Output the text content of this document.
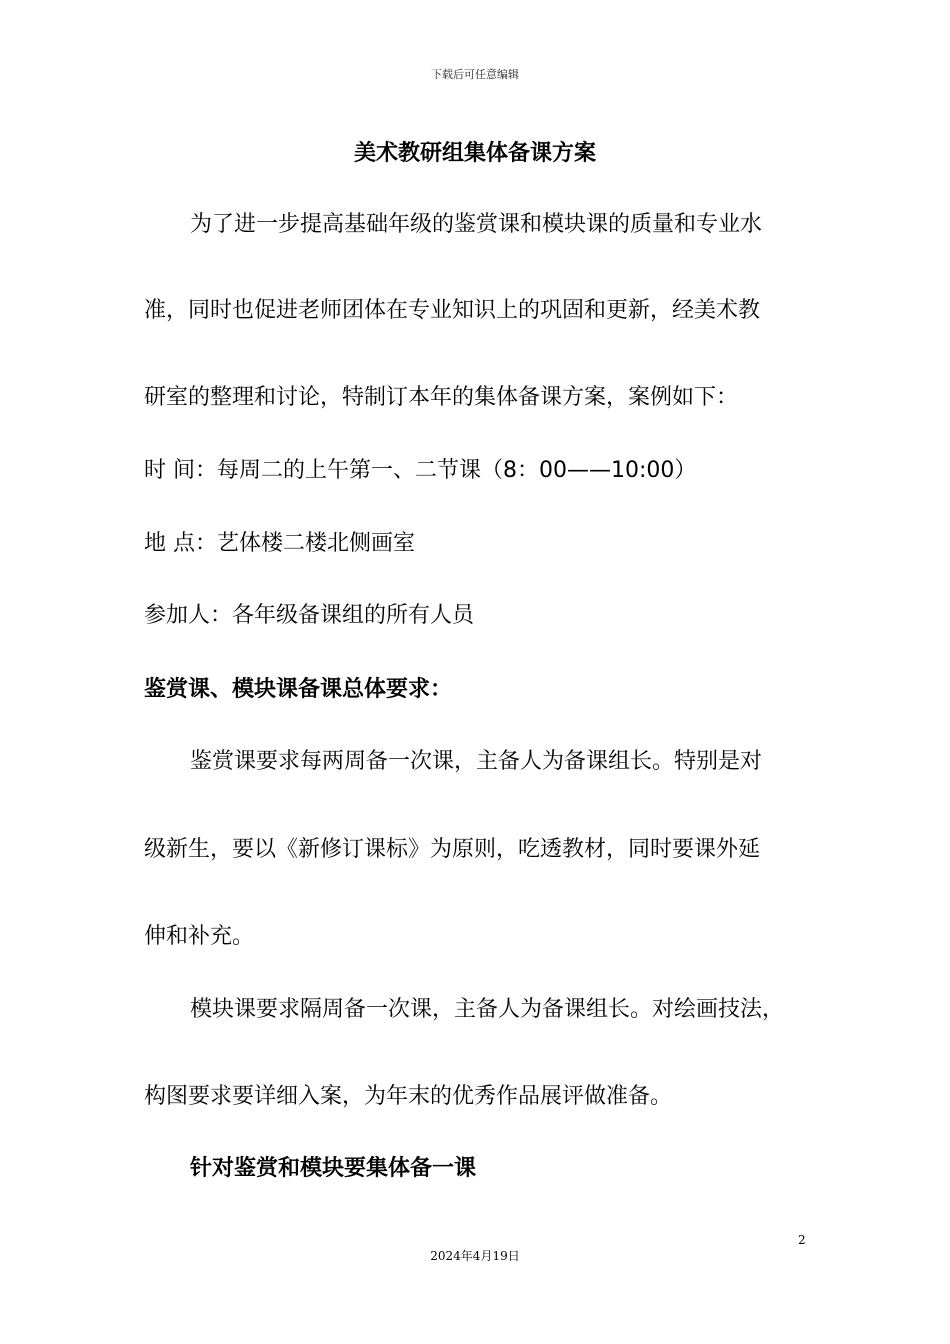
下载后可任意编辑
美术教研组集体备课方案
为了进一步提高基础年级的鉴赏课和模块课的质量和专业水
准，同时也促进老师团体在专业知识上的巩固和更新，经美术教
研室的整理和讨论，特制订本年的集体备课方案，案例如下：
时 间：每周二的上午第一、二节课（8：00——10:00）
地 点：艺体楼二楼北侧画室
参加人：各年级备课组的所有人员
鉴赏课、模块课备课总体要求：
鉴赏课要求每两周备一次课，主备人为备课组长。特别是对
级新生，要以《新修订课标》为原则，吃透教材，同时要课外延
伸和补充。
模块课要求隔周备一次课，主备人为备课组长。对绘画技法，
构图要求要详细入案，为年末的优秀作品展评做准备。
针对鉴赏和模块要集体备一课
2
2024年4月19日
